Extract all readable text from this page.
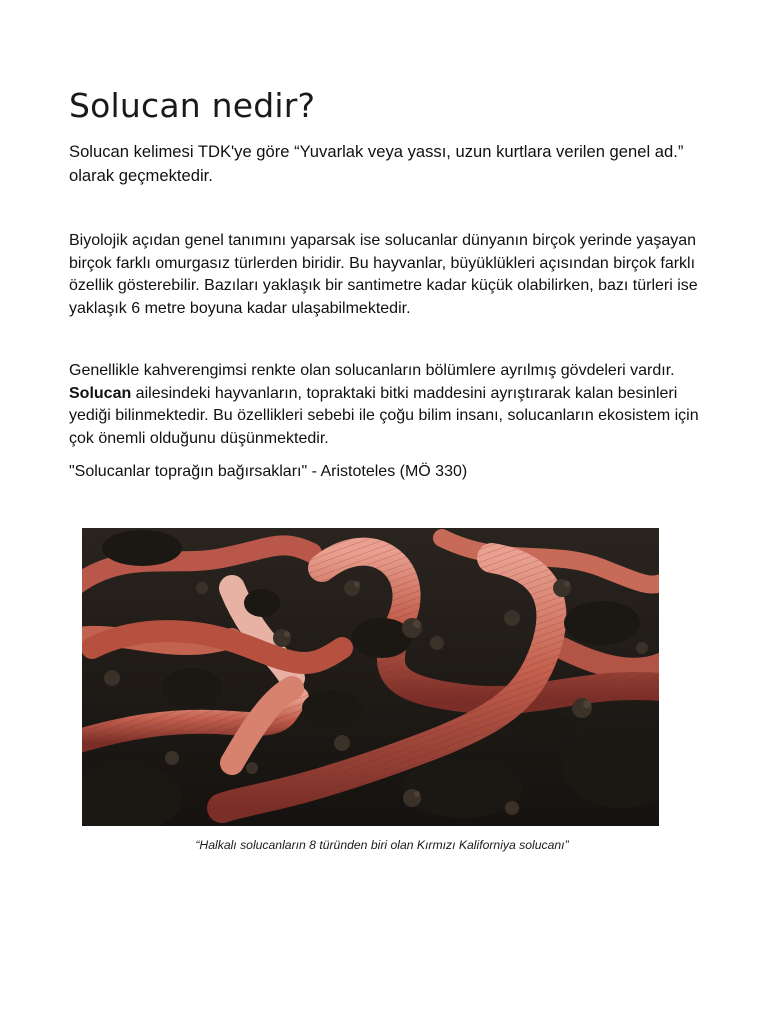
Solucan nedir?

Solucan kelimesi TDK'ye göre “Yuvarlak veya yassı, uzun kurtlara verilen genel ad.” olarak geçmektedir.

Biyolojik açıdan genel tanımını yaparsak ise solucanlar dünyanın birçok yerinde yaşayan birçok farklı omurgasız türlerden biridir. Bu hayvanlar, büyüklükleri açısından birçok farklı özellik gösterebilir. Bazıları yaklaşık bir santimetre kadar küçük olabilirken, bazı türleri ise yaklaşık 6 metre boyuna kadar ulaşabilmektedir.

Genellikle kahverengimsi renkte olan solucanların bölümlere ayrılmış gövdeleri vardır. Solucan ailesindeki hayvanların, topraktaki bitki maddesini ayrıştırarak kalan besinleri yediği bilinmektedir. Bu özellikleri sebebi ile çoğu bilim insanı, solucanların ekosistem için çok önemli olduğunu düşünmektedir.

"Solucanlar toprağın bağırsakları" - Aristoteles (MÖ 330)

“Halkalı solucanların 8 türünden biri olan Kırmızı Kaliforniya solucanı”
